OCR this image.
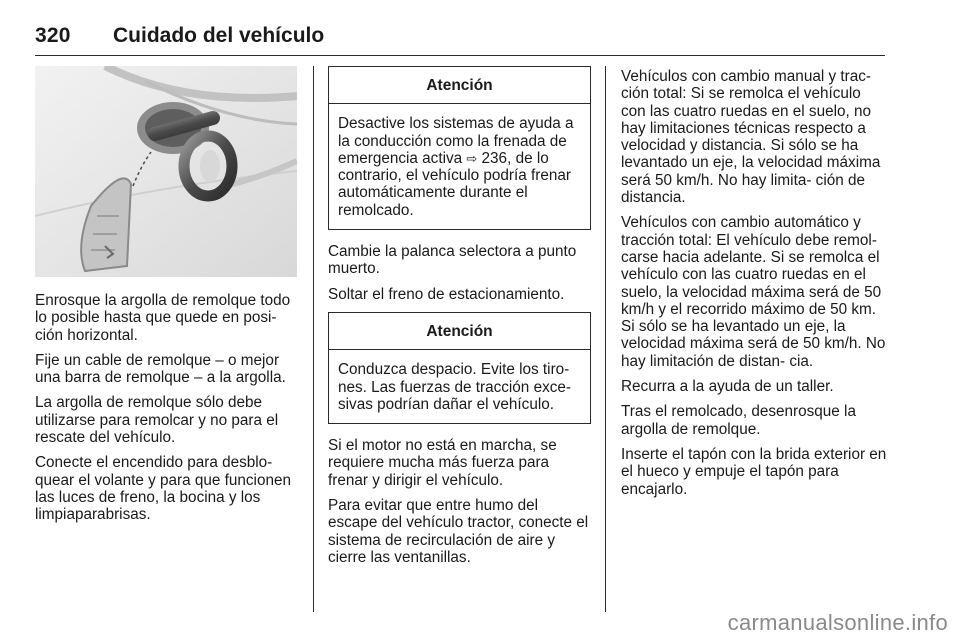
320 Cuidado del vehículo

Enrosque la argolla de remolque todo lo posible hasta que quede en posi‐ ción horizontal.

Fije un cable de remolque – o mejor una barra de remolque – a la argolla.

La argolla de remolque sólo debe utilizarse para remolcar y no para el rescate del vehículo.

Conecte el encendido para desblo‐ quear el volante y para que funcionen las luces de freno, la bocina y los limpiaparabrisas.

Atención
Desactive los sistemas de ayuda a la conducción como la frenada de emergencia activa ⇨ 236, de lo contrario, el vehículo podría frenar automáticamente durante el remolcado.

Cambie la palanca selectora a punto muerto.

Soltar el freno de estacionamiento.

Atención
Conduzca despacio. Evite los tiro‐ nes. Las fuerzas de tracción exce‐ sivas podrían dañar el vehículo.

Si el motor no está en marcha, se requiere mucha más fuerza para frenar y dirigir el vehículo.

Para evitar que entre humo del escape del vehículo tractor, conecte el sistema de recirculación de aire y cierre las ventanillas.

Vehículos con cambio manual y trac‐ ción total: Si se remolca el vehículo con las cuatro ruedas en el suelo, no hay limitaciones técnicas respecto a velocidad y distancia. Si sólo se ha levantado un eje, la velocidad máxima será 50 km/h. No hay limita‐ ción de distancia.

Vehículos con cambio automático y tracción total: El vehículo debe remol‐ carse hacia adelante. Si se remolca el vehículo con las cuatro ruedas en el suelo, la velocidad máxima será de 50 km/h y el recorrido máximo de 50 km. Si sólo se ha levantado un eje, la velocidad máxima será de 50 km/h. No hay limitación de distan‐ cia.

Recurra a la ayuda de un taller.

Tras el remolcado, desenrosque la argolla de remolque.

Inserte el tapón con la brida exterior en el hueco y empuje el tapón para encajarlo.

carmanualsonline.info
